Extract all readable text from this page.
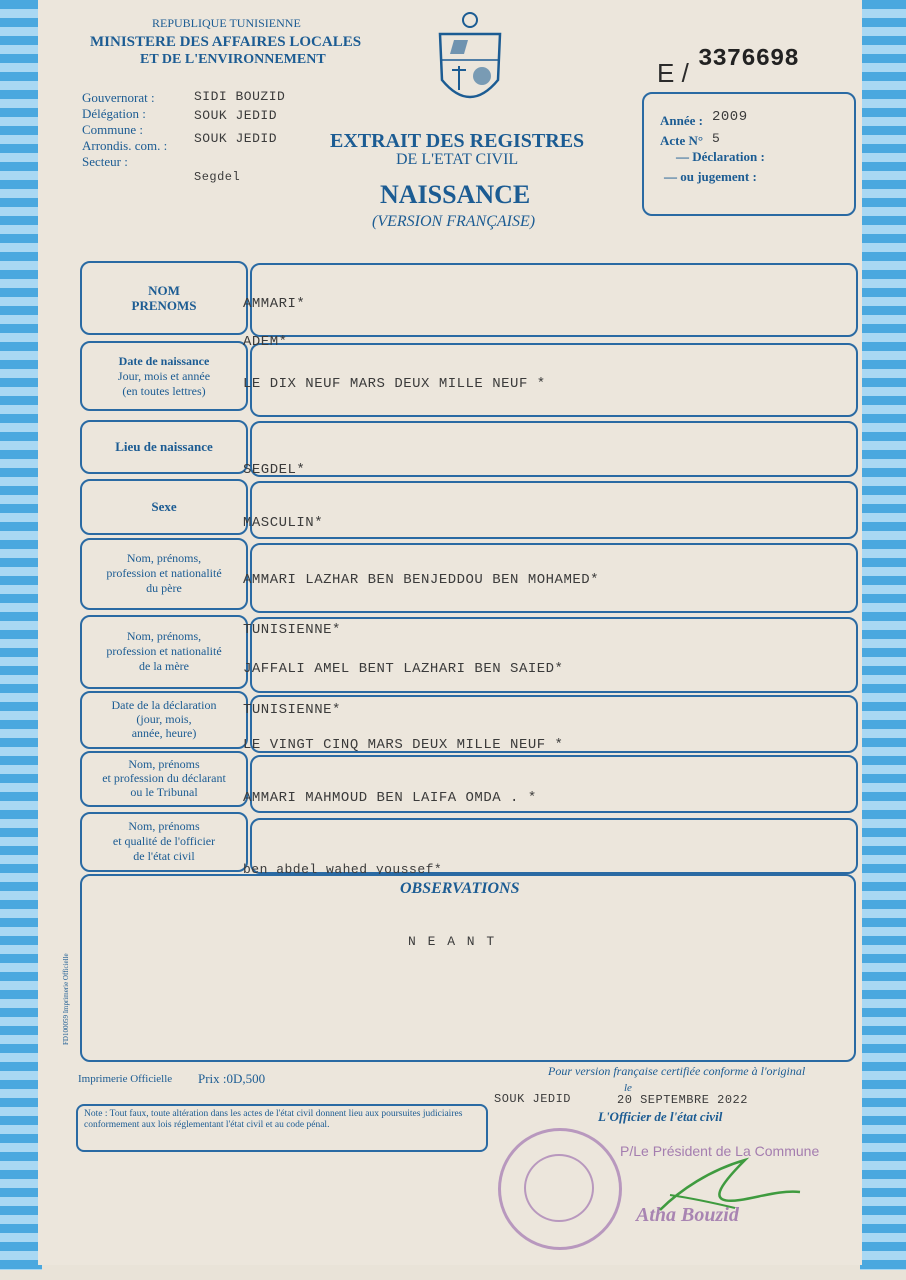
REPUBLIQUE TUNISIENNE
MINISTERE DES AFFAIRES LOCALES
ET DE L'ENVIRONNEMENT	E / 3376698
Gouvernorat :
Délégation :
Commune :
Arrondis. com. :
Secteur :
SIDI BOUZID
SOUK JEDID
SOUK JEDID
Segdel
EXTRAIT DES REGISTRES
DE L'ETAT CIVIL
NAISSANCE
(VERSION FRANÇAISE)
Année : 2009
Acte N° 5
— Déclaration :
— ou jugement :
NOM
PRENOMS
Date de naissance
Jour, mois et année
(en toutes lettres)
Lieu de naissance
Sexe
Nom, prénoms,
profession et nationalité
du père
Nom, prénoms,
profession et nationalité
de la mère
Date de la déclaration
(jour, mois,
année, heure)
Nom, prénoms
et profession du déclarant
ou le Tribunal
Nom, prénoms
et qualité de l'officier
de l'état civil
AMMARI*
ADEM*
LE DIX NEUF MARS DEUX MILLE NEUF *
SEGDEL*
MASCULIN*
AMMARI LAZHAR BEN BENJEDDOU BEN MOHAMED*
TUNISIENNE*
JAFFALI AMEL BENT LAZHARI BEN SAIED*
TUNISIENNE*
LE VINGT CINQ MARS DEUX MILLE NEUF *
AMMARI MAHMOUD BEN LAIFA OMDA . *
ben abdel wahed youssef*
OBSERVATIONS
N E A N T
FD100059 Imprimerie Officielle
Imprimerie Officielle Prix :0D,500	Pour version française certifiée conforme à l'original
SOUK JEDID
le
20 SEPTEMBRE 2022
L'Officier de l'état civil
Note : Tout faux, toute altération dans les actes de l'état civil donnent lieu aux poursuites judiciaires conformement aux lois réglementant l'état civil et au code pénal.
P/Le Président de La Commune
Atha Bouzid
